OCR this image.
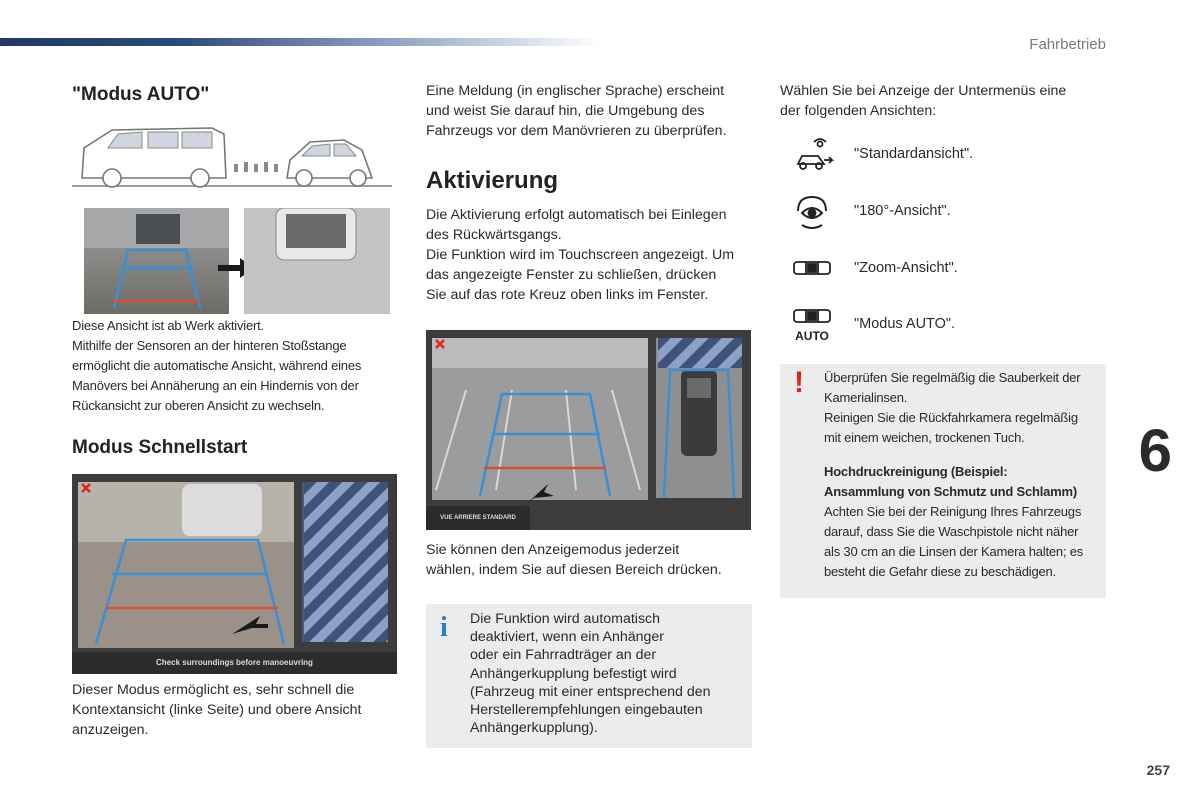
Fahrbetrieb
"Modus AUTO"
Diese Ansicht ist ab Werk aktiviert.
Mithilfe der Sensoren an der hinteren Stoßstange
ermöglicht die automatische Ansicht, während eines
Manövers bei Annäherung an ein Hindernis von der
Rückansicht zur oberen Ansicht zu wechseln.
Modus Schnellstart
Check surroundings before manoeuvring
Dieser Modus ermöglicht es, sehr schnell die
Kontextansicht (linke Seite) und obere Ansicht
anzuzeigen.
Eine Meldung (in englischer Sprache) erscheint
und weist Sie darauf hin, die Umgebung des
Fahrzeugs vor dem Manövrieren zu überprüfen.
Aktivierung
Die Aktivierung erfolgt automatisch bei Einlegen
des Rückwärtsgangs.
Die Funktion wird im Touchscreen angezeigt. Um
das angezeigte Fenster zu schließen, drücken
Sie auf das rote Kreuz oben links im Fenster.
VUE ARRIERE STANDARD
Sie können den Anzeigemodus jederzeit
wählen, indem Sie auf diesen Bereich drücken.
i Die Funktion wird automatisch
deaktiviert, wenn ein Anhänger
oder ein Fahrradträger an der
Anhängerkupplung befestigt wird
(Fahrzeug mit einer entsprechend den
Herstellerempfehlungen eingebauten
Anhängerkupplung).
Wählen Sie bei Anzeige der Untermenüs eine
der folgenden Ansichten:
"Standardansicht".
"180°-Ansicht".
"Zoom-Ansicht".
AUTO
"Modus AUTO".
! Überprüfen Sie regelmäßig die Sauberkeit der
Kamerialinsen.
Reinigen Sie die Rückfahrkamera regelmäßig
mit einem weichen, trockenen Tuch.
Hochdruckreinigung (Beispiel:
Ansammlung von Schmutz und Schlamm)
Achten Sie bei der Reinigung Ihres Fahrzeugs
darauf, dass Sie die Waschpistole nicht näher
als 30 cm an die Linsen der Kamera halten; es
besteht die Gefahr diese zu beschädigen.
6
257
